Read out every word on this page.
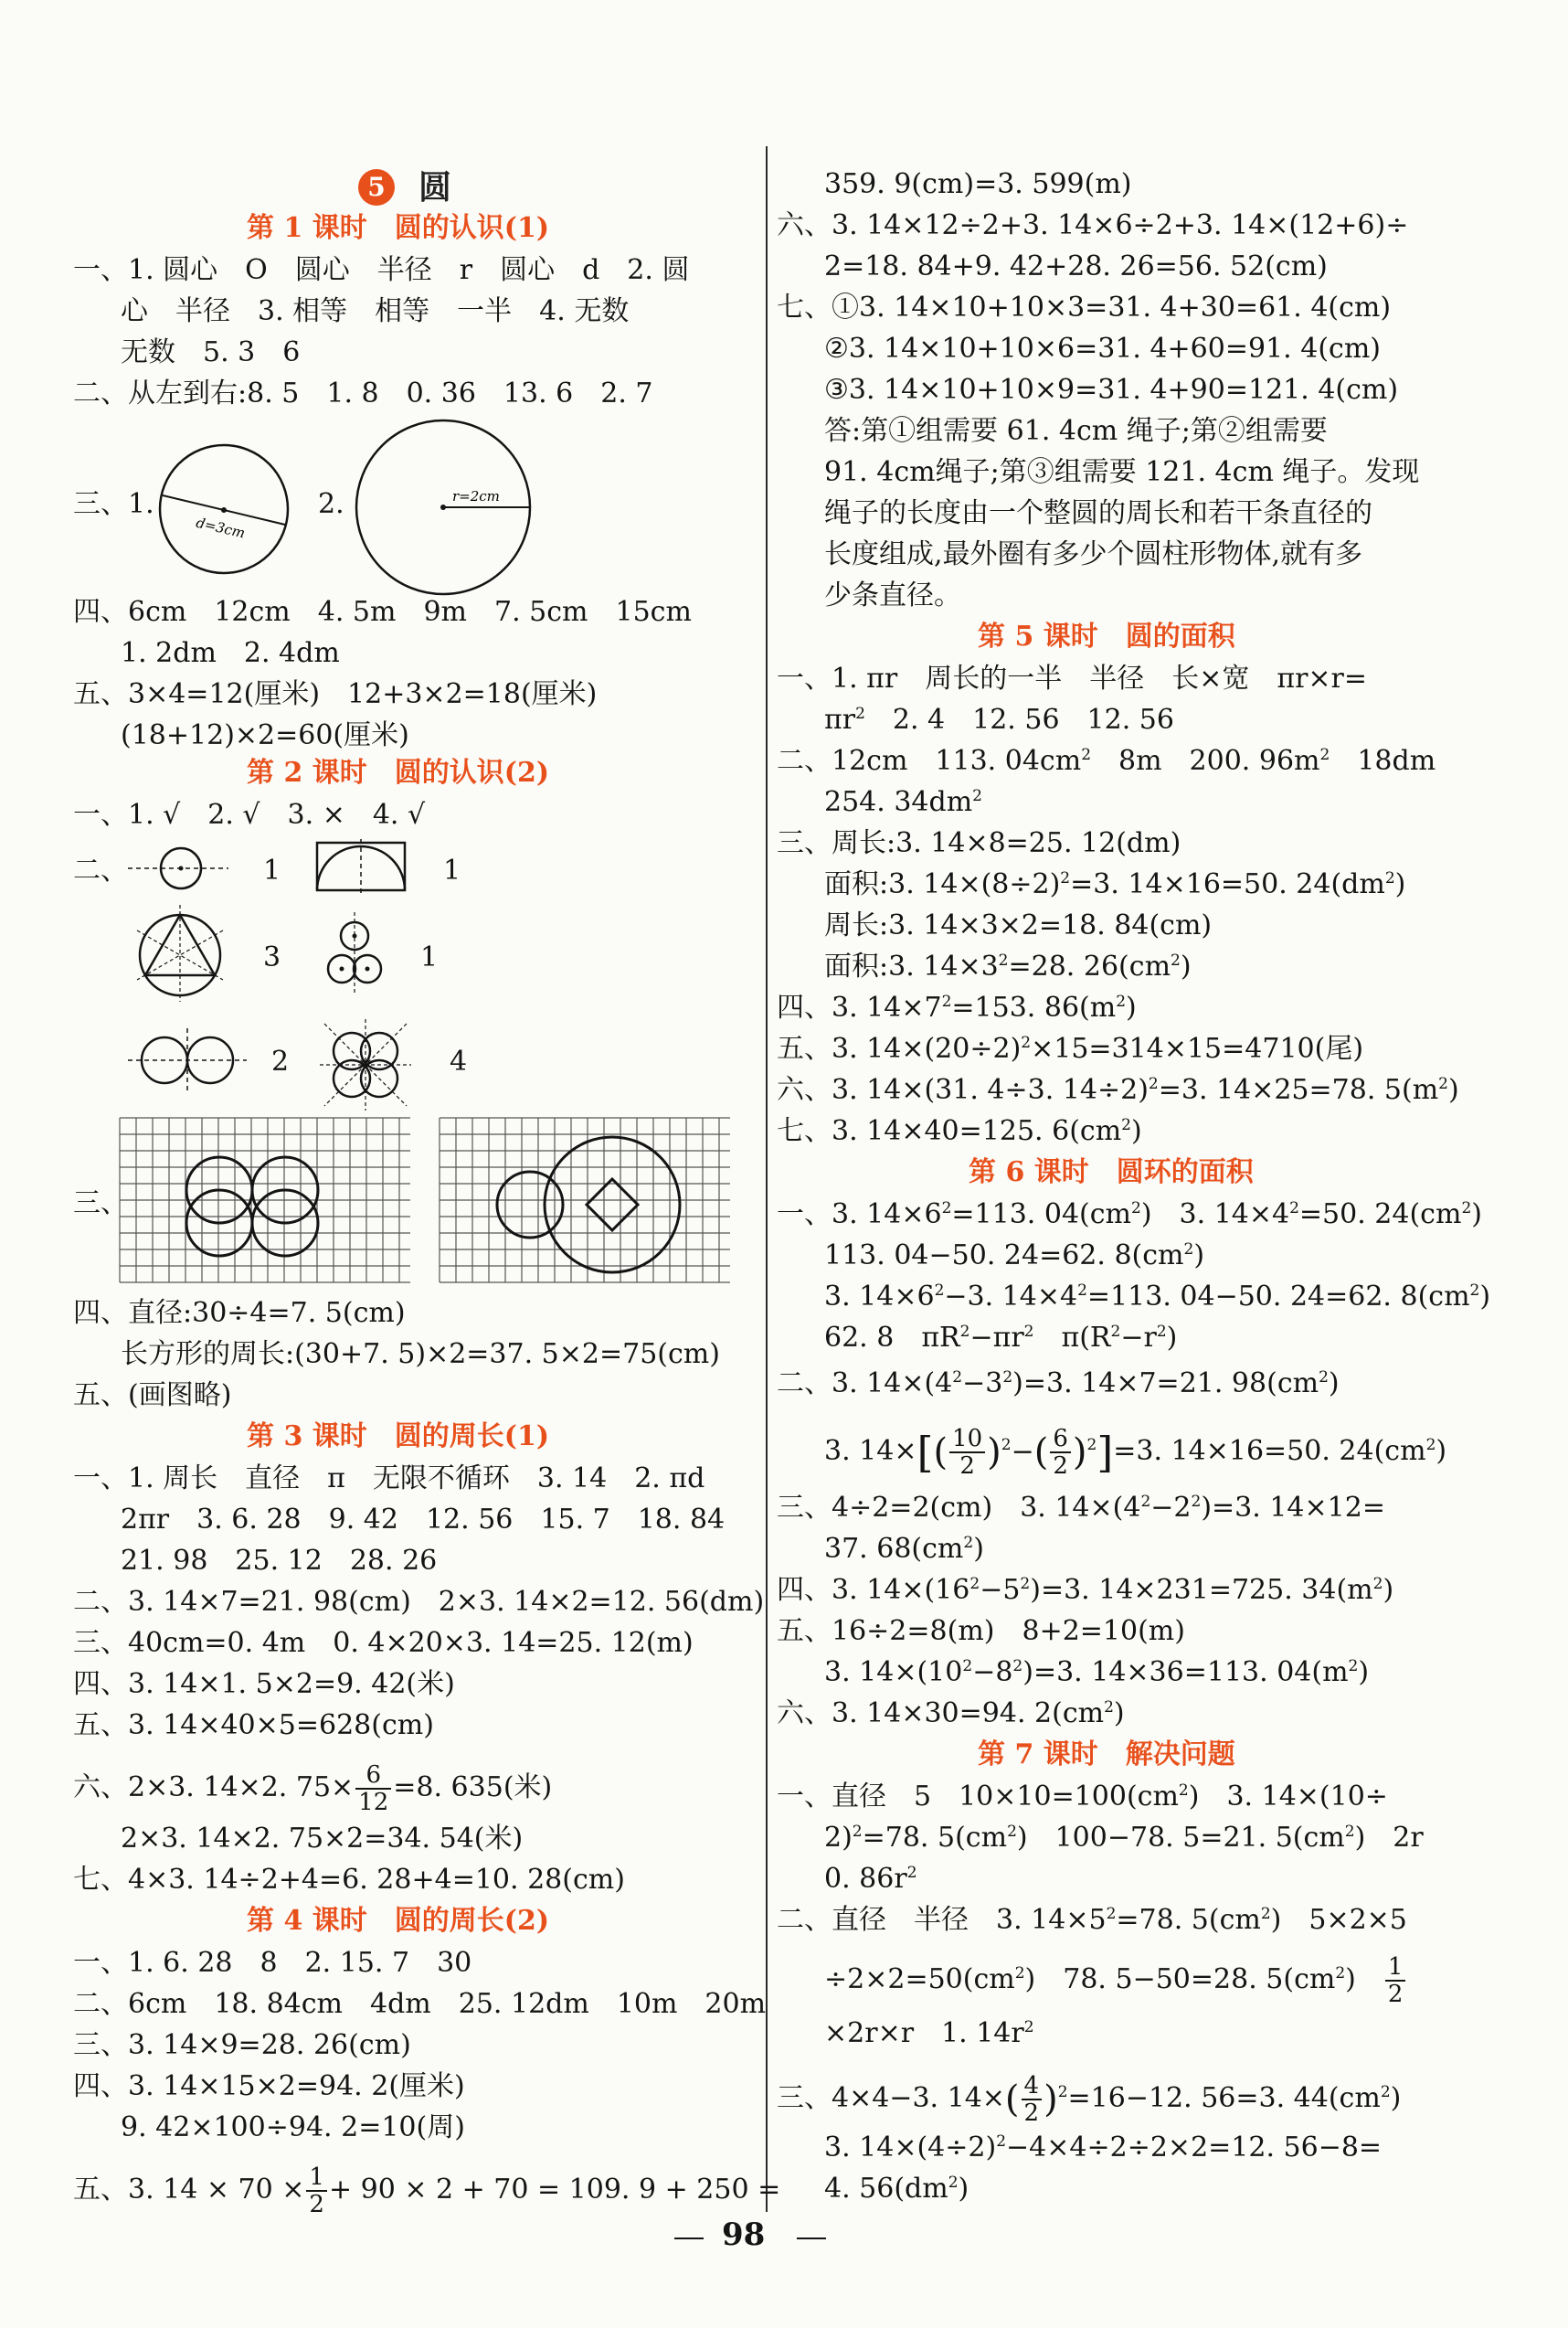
5 圆
第 1 课时　圆的认识(1)
一、1. 圆心　O　圆心　半径　r　圆心　d　2. 圆
心　半径　3. 相等　相等　一半　4. 无数
无数　5. 3　6
二、从左到右:8. 5　1. 8　0. 36　13. 6　2. 7
三、1.
d=3cm
2.	r=2cm
四、6cm　12cm　4. 5m　9m　7. 5cm　15cm
1. 2dm　2. 4dm
五、3×4=12(厘米)　12+3×2=18(厘米)
(18+12)×2=60(厘米)
第 2 课时　圆的认识(2)
一、1. √　2. √　3. ×　4. √
二、	1	1
3	1
2	4
三、
四、直径:30÷4=7. 5(cm)
长方形的周长:(30+7. 5)×2=37. 5×2=75(cm)
五、(画图略)
第 3 课时　圆的周长(1)
一、1. 周长　直径　π　无限不循环　3. 14　2. πd
2πr　3. 6. 28　9. 42　12. 56　15. 7　18. 84
21. 98　25. 12　28. 26
二、3. 14×7=21. 98(cm)　2×3. 14×2=12. 56(dm)
三、40cm=0. 4m　0. 4×20×3. 14=25. 12(m)
四、3. 14×1. 5×2=9. 42(米)
五、3. 14×40×5=628(cm)
六、2×3. 14×2. $75\times \frac{6}{12} =8$. 635(米)
2×3. 14×2. 75×2=34. 54(米)
七、4×3. 14÷2+4=6. 28+4=10. 28(cm)
第 4 课时　圆的周长(2)
一、1. 6. 28　8　2. 15. 7　30
二、6cm　18. 84cm　4dm　25. 12dm　10m　20m
三、3. 14×9=28. 26(cm)
四、3. 14×15×2=94. 2(厘米)
9. 42×100÷94. 2=10(周)
五、3. $14 \times 70 \times \frac{1}{2} + 90 \times 2 + 70 = 109$. 9 + 250 =
359. 9(cm)=3. 599(m)
六、3. 14×12÷2+3. 14×6÷2+3. 14×(12+6)÷
2=18. 84+9. 42+28. 26=56. 52(cm)
七、①3. 14×10+10×3=31. 4+30=61. 4(cm)
②3. 14×10+10×6=31. 4+60=91. 4(cm)
③3. 14×10+10×9=31. 4+90=121. 4(cm)
答:第①组需要 61. 4cm 绳子;第②组需要
91. 4cm绳子;第③组需要 121. 4cm 绳子。发现
绳子的长度由一个整圆的周长和若干条直径的
长度组成,最外圈有多少个圆柱形物体,就有多
少条直径。
第 5 课时　圆的面积
一、1. πr　周长的一半　半径　长×宽　πr×r=
$\pi r^2$　2. 4　12. 56　12. 56
二、12cm　113. $04cm^2$　8m　200. $96m^2$　18dm
254. $34dm^2$
三、周长:3. 14×8=25. 12(dm)
面积:3. $14\times(8\div 2)^2=3$. 14×16=50. $24(dm^2)$
周长:3. 14×3×2=18. 84(cm)
面积:3. $14\times 3^2=28$. $26(cm^2)$
四、3. $14\times 7^2=153$. $86(m^2)$
五、3. $14\times(20\div 2)^2\times 15=314\times 15=4710$(尾)
六、3. 14×(31. 4÷3. 14÷2)$^2$=3. 14×25=78. $5(m^2)$
七、3. 14×40=125. $6(cm^2)$
第 6 课时　圆环的面积
一、3. $14\times 6^2=113$. $04(cm^2)$　3. $14\times 4^2=50$. $24(cm^2)$
113. 04−50. 24=62. $8(cm^2)$
3. $14\times 6^2-3$. $14\times 4^2=113$. 04−50. 24=62. $8(cm^2)$
62. 8　$\pi R^2-\pi r^2$　$\pi(R^2-r^2)$
二、3. $14\times(4^2-3^2)=3$. 14×7=21. $98(cm^2)$
3. $14\times[( \frac{10}{2} )^2-( \frac{6}{2} )^2]=3$. 14×16=50. $24(cm^2)$
三、4÷2=2(cm)　3. $14\times(4^2-2^2)=3$. 14×12=
37. $68(cm^2)$
四、3. $14\times(16^2-5^2)=3$. 14×231=725. $34(m^2)$
五、16÷2=8(m)　8+2=10(m)
3. $14\times(10^2-8^2)=3$. 14×36=113. $04(m^2)$
六、3. 14×30=94. $2(cm^2)$
第 7 课时　解决问题
一、直径　5　$10\times 10=100(cm^2)$　3. 14×(10÷
2)$^2$=78. $5(cm^2)$　100−78. 5=21. $5(cm^2)$　2r
0. $86r^2$
二、直径　半径　3. $14\times 5^2=78$. $5(cm^2)$　5×2×5
$\div 2\times 2=50(cm^2)$　78. 5−50=28. $5(cm^2)$　 $\frac{1}{2}$
×2r×r　1. $14r^2$
三、4×4−3. $14\times( \frac{4}{2} )^2=16-12$. 56=3. $44(cm^2)$
3. $14\times(4\div 2)^2-4\times 4\div 2\div 2\times 2=12$. 56−8=
4. $56(dm^2)$
98
